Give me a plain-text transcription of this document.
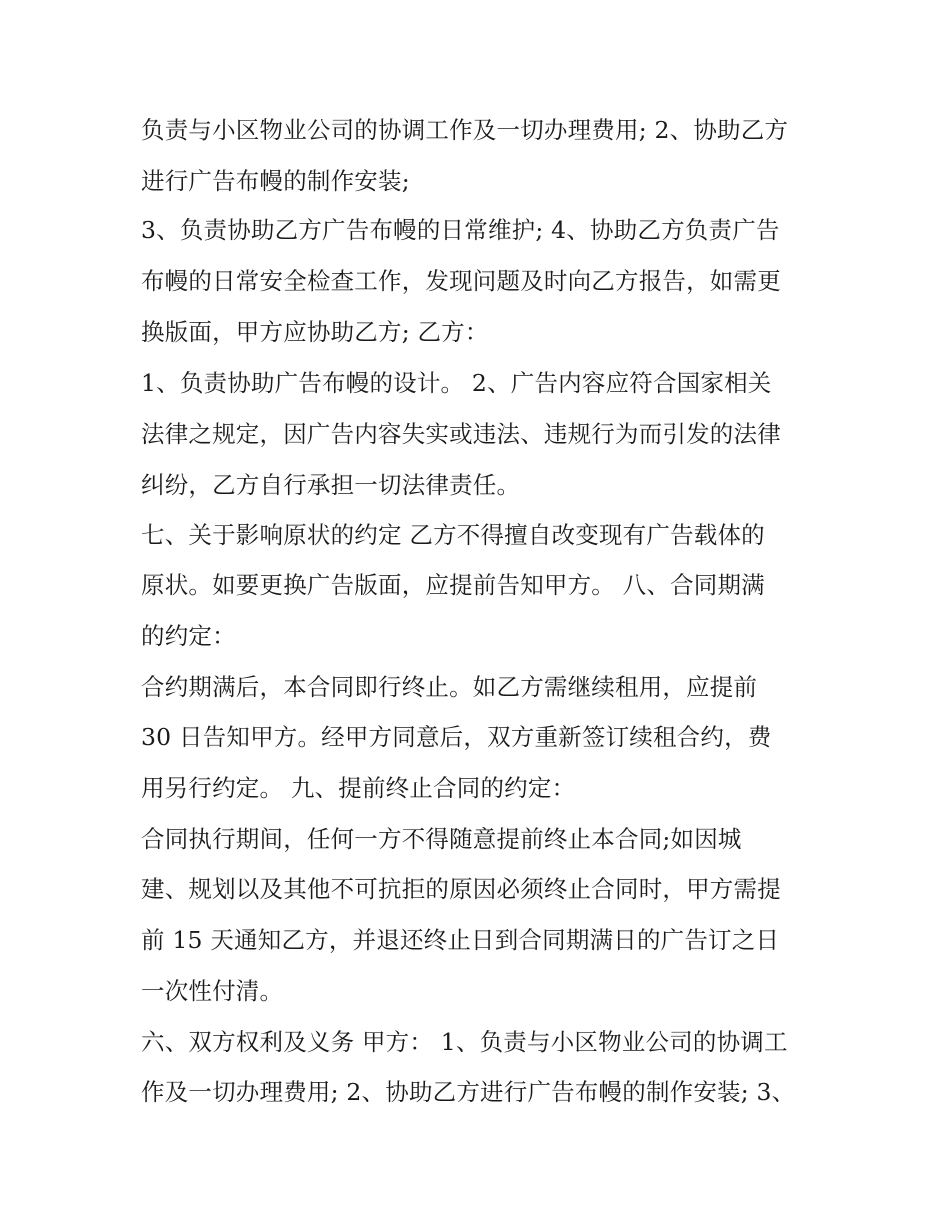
负责与小区物业公司的协调工作及一切办理费用; 2、协助乙方
进行广告布幔的制作安装;
3、负责协助乙方广告布幔的日常维护; 4、协助乙方负责广告
布幔的日常安全检查工作，发现问题及时向乙方报告，如需更
换版面，甲方应协助乙方; 乙方：
1、负责协助广告布幔的设计。 2、广告内容应符合国家相关
法律之规定，因广告内容失实或违法、违规行为而引发的法律
纠纷，乙方自行承担一切法律责任。
七、关于影响原状的约定 乙方不得擅自改变现有广告载体的
原状。如要更换广告版面，应提前告知甲方。 八、合同期满
的约定：
合约期满后，本合同即行终止。如乙方需继续租用，应提前
30 日告知甲方。经甲方同意后，双方重新签订续租合约，费
用另行约定。 九、提前终止合同的约定：
合同执行期间，任何一方不得随意提前终止本合同;如因城
建、规划以及其他不可抗拒的原因必须终止合同时，甲方需提
前 15 天通知乙方，并退还终止日到合同期满日的广告订之日
一次性付清。
六、双方权利及义务 甲方： 1、负责与小区物业公司的协调工
作及一切办理费用; 2、协助乙方进行广告布幔的制作安装; 3、
